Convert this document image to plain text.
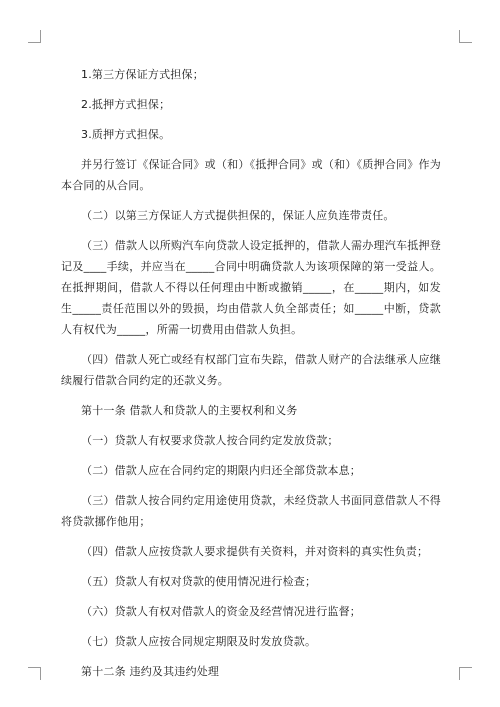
1.第三方保证方式担保；

2.抵押方式担保；

3.质押方式担保。

并另行签订《保证合同》或（和）《抵押合同》或（和）《质押合同》作为本合同的从合同。

（二）以第三方保证人方式提供担保的，保证人应负连带责任。

（三）借款人以所购汽车向贷款人设定抵押的，借款人需办理汽车抵押登记及____手续，并应当在_____合同中明确贷款人为该项保障的第一受益人。在抵押期间，借款人不得以任何理由中断或撤销_____，在_____期内，如发生_____责任范围以外的毁损，均由借款人负全部责任；如_____中断，贷款人有权代为_____，所需一切费用由借款人负担。

（四）借款人死亡或经有权部门宣布失踪，借款人财产的合法继承人应继续履行借款合同约定的还款义务。

第十一条 借款人和贷款人的主要权利和义务

（一）贷款人有权要求贷款人按合同约定发放贷款；

（二）借款人应在合同约定的期限内归还全部贷款本息；

（三）借款人按合同约定用途使用贷款，未经贷款人书面同意借款人不得将贷款挪作他用；

（四）借款人应按贷款人要求提供有关资料，并对资料的真实性负责；

（五）贷款人有权对贷款的使用情况进行检查；

（六）贷款人有权对借款人的资金及经营情况进行监督；

（七）贷款人应按合同规定期限及时发放贷款。

第十二条 违约及其违约处理
